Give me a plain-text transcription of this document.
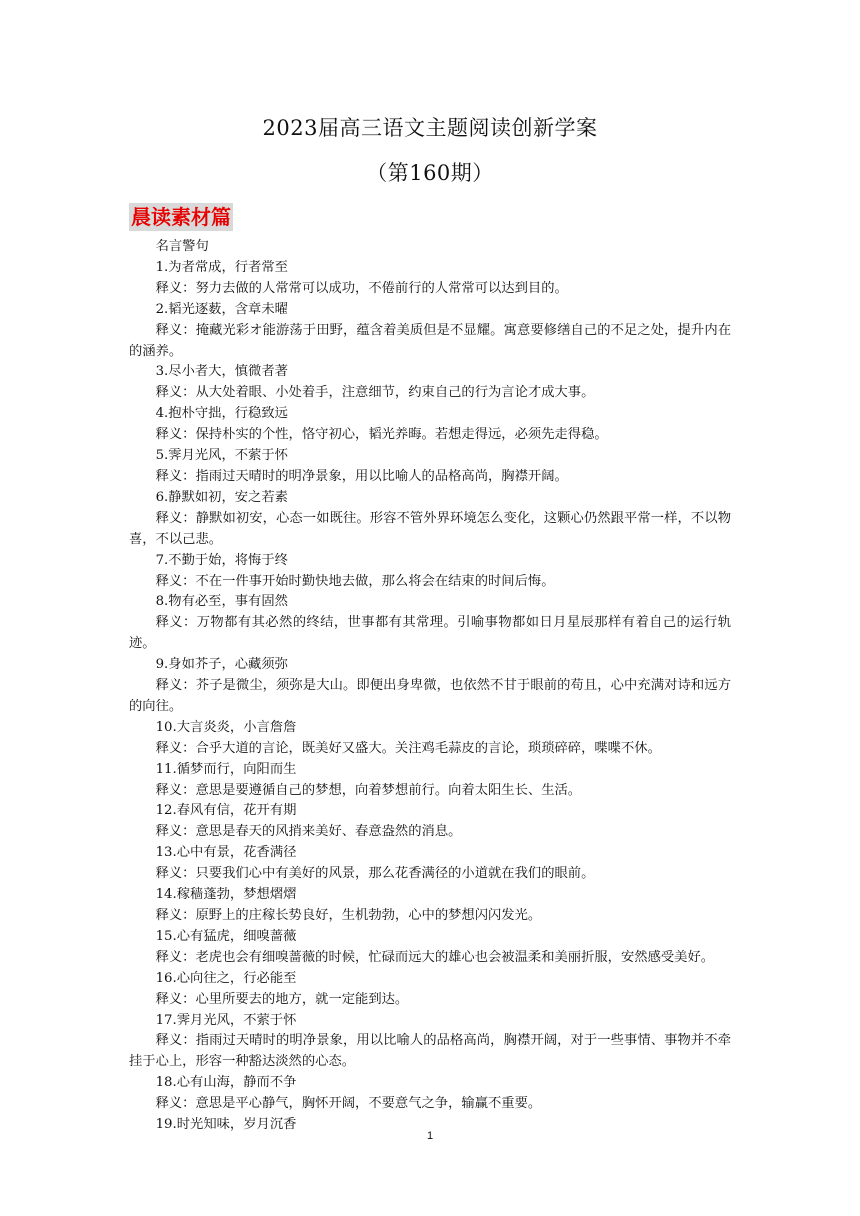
2023届高三语文主题阅读创新学案
（第160期）
晨读素材篇

名言警句

1.为者常成，行者常至

释义：努力去做的人常常可以成功，不倦前行的人常常可以达到目的。

2.韬光逐薮，含章未曜

释义：掩藏光彩オ能游荡于田野，蕴含着美质但是不显耀。寓意要修缮自己的不足之处，提升内在的涵养。

3.尽小者大，慎微者著

释义：从大处着眼、小处着手，注意细节，约束自己的行为言论才成大事。

4.抱朴守拙，行稳致远

释义：保持朴实的个性，恪守初心，韬光养晦。若想走得远，必须先走得稳。

5.霁月光风，不萦于怀

释义：指雨过天晴时的明净景象，用以比喻人的品格高尚，胸襟开阔。

6.静默如初，安之若素

释义：静默如初安，心态一如既往。形容不管外界环境怎么变化，这颗心仍然跟平常一样，不以物喜，不以己悲。

7.不勤于始，将悔于终

释义：不在一件事开始时勤快地去做，那么将会在结束的时间后悔。

8.物有必至，事有固然

释义：万物都有其必然的终结，世事都有其常理。引喻事物都如日月星辰那样有着自己的运行轨迹。

9.身如芥子，心藏须弥

释义：芥子是微尘，须弥是大山。即便出身卑微，也依然不甘于眼前的苟且，心中充满对诗和远方的向往。

10.大言炎炎，小言詹詹

释义：合乎大道的言论，既美好又盛大。关注鸡毛蒜皮的言论，琐琐碎碎，喋喋不休。

11.循梦而行，向阳而生

释义：意思是要遵循自己的梦想，向着梦想前行。向着太阳生长、生活。

12.春风有信，花开有期

释义：意思是春天的风捎来美好、春意盎然的消息。

13.心中有景，花香满径

释义：只要我们心中有美好的风景，那么花香满径的小道就在我们的眼前。

14.稼穑蓬勃，梦想熠熠

释义：原野上的庄稼长势良好，生机勃勃，心中的梦想闪闪发光。

15.心有猛虎，细嗅蔷薇

释义：老虎也会有细嗅蔷薇的时候，忙碌而远大的雄心也会被温柔和美丽折服，安然感受美好。

16.心向往之，行必能至

释义：心里所要去的地方，就一定能到达。

17.霁月光风，不萦于怀

释义：指雨过天晴时的明净景象，用以比喻人的品格高尚，胸襟开阔，对于一些事情、事物并不牵挂于心上，形容一种豁达淡然的心态。

18.心有山海，静而不争

释义：意思是平心静气，胸怀开阔，不要意气之争，输赢不重要。

19.时光知味，岁月沉香

1
